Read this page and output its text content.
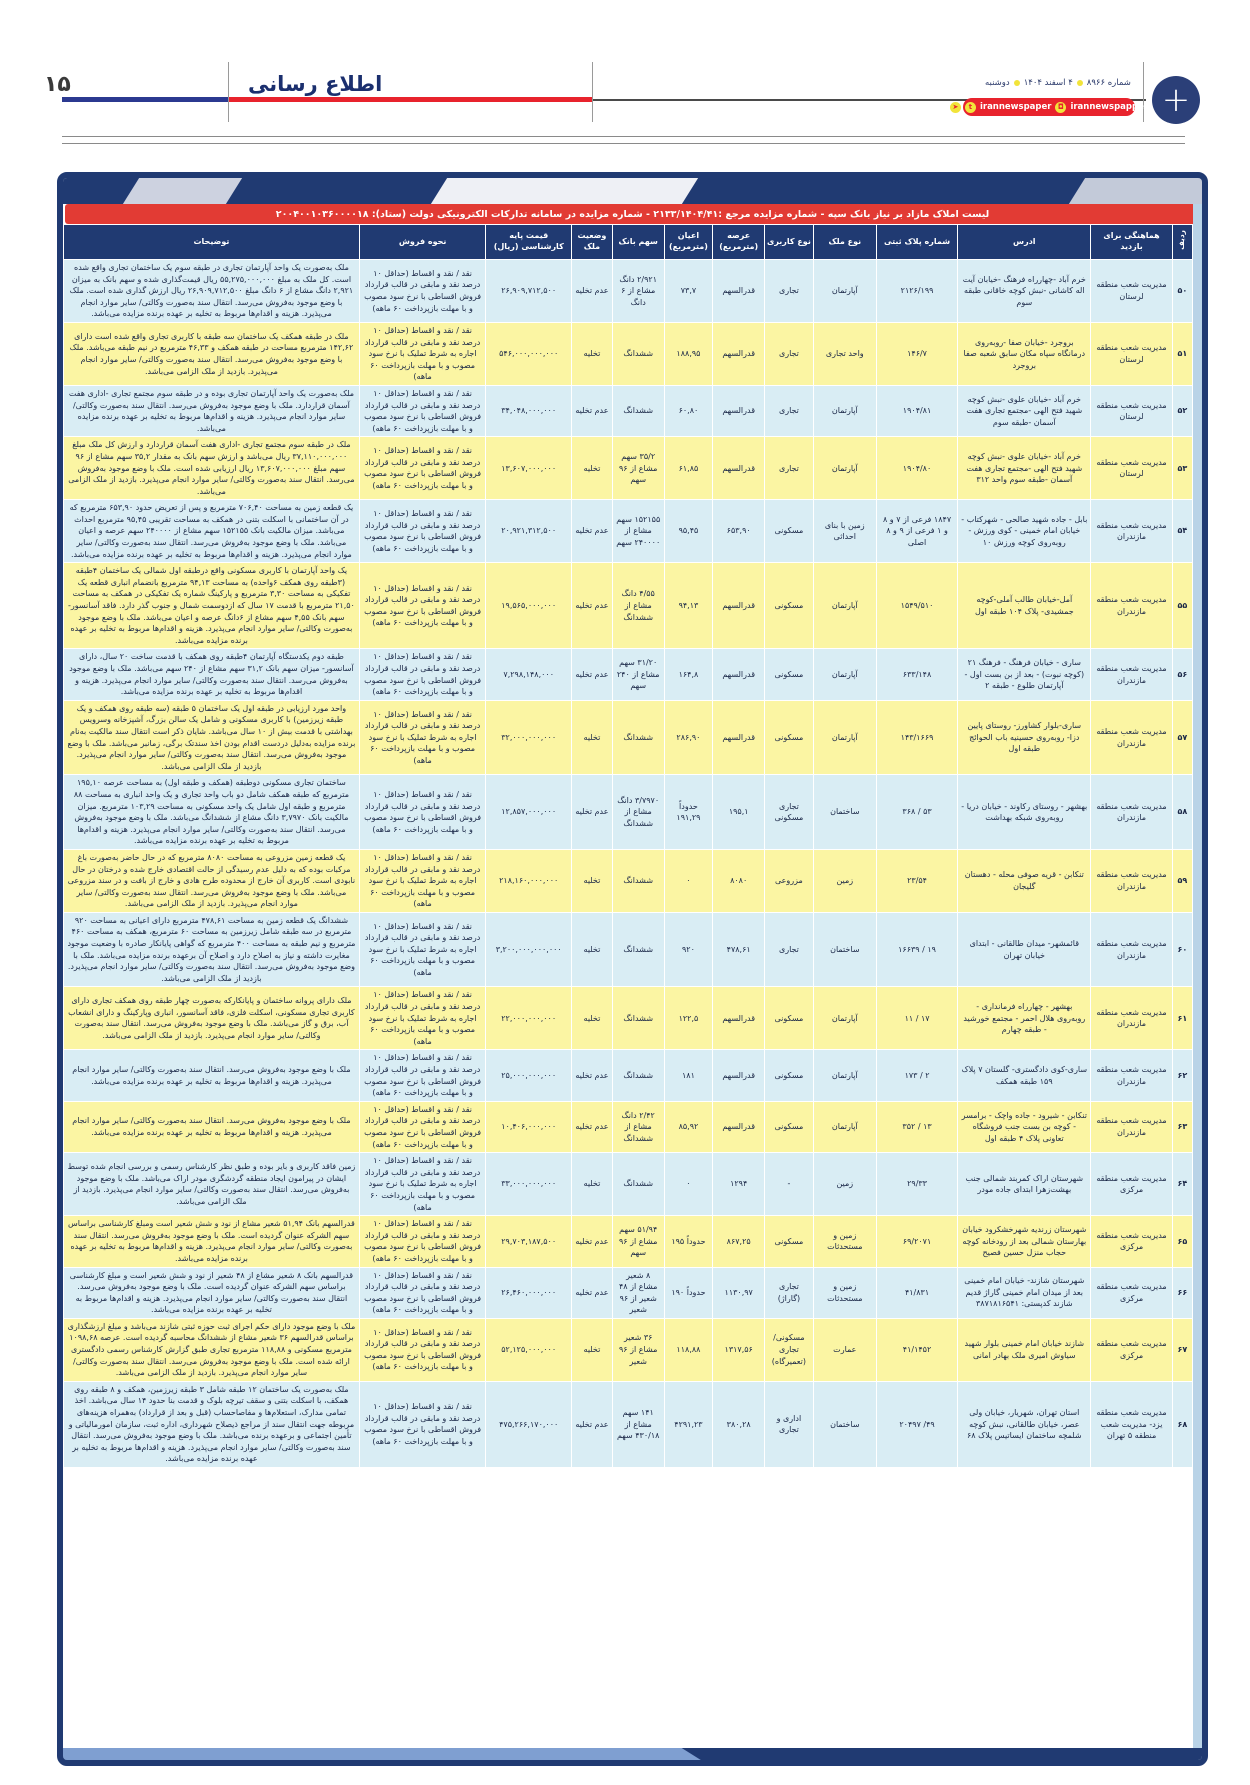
۱۵	اطلاع رسانی	دوشنبه ۴ اسفند ۱۴۰۴ شماره ۸۹۶۶
➤	t irannewspaper ◘ irannewspapper +
لیست املاک مازاد بر نیاز بانک سپه - شماره مزایده مرجع :۲۱۳۳/۱۴۰۴/۴۱ - شماره مزایده در سامانه تدارکات الکترونیکی دولت (ستاد): ۲۰۰۴۰۰۱۰۳۶۰۰۰۰۱۸
ردیف	هماهنگی برای بازدید	ادرس	شماره پلاک ثبتی	نوع ملک	نوع کاربری	عرصه (مترمربع)	اعیان (مترمربع)	سهم بانک	وضعیت ملک	قیمت پایه کارشناسی (ریال)	نحوه فروش	توضیحات
۵۰	مدیریت شعب منطقه لرستان	خرم آباد -چهارراه فرهنگ -خیابان آیت اله کاشانی -نبش کوچه خاقانی طبقه سوم	۲۱۲۶/۱۹۹	آپارتمان	تجاری	قدرالسهم	۷۳,۷	۲/۹۲۱ دانگ مشاع از ۶ دانگ	عدم تخلیه	۲۶,۹۰۹,۷۱۲,۵۰۰	نقد / نقد و اقساط (حداقل ۱۰ درصد نقد و مابقی در قالب قرارداد فروش اقساطی با نرخ سود مصوب و با مهلت بازپرداخت ۶۰ ماهه)	ملک به‌صورت یک واحد آپارتمان تجاری در طبقه سوم یک ساختمان تجاری واقع شده است. کل ملک به مبلغ ۵۵,۲۷۵,۰۰۰,۰۰۰ ریال قیمت‌گذاری شده و سهم بانک به میزان ۲,۹۲۱ دانگ مشاع از ۶ دانگ مبلغ ۲۶,۹۰۹,۷۱۲,۵۰۰ ریال ارزش گذاری شده است. ملک با وضع موجود به‌فروش می‌رسد. انتقال سند به‌صورت وکالتی/ سایر موارد انجام می‌پذیرد. هزینه و اقدام‌ها مربوط به تخلیه بر عهده برنده مزایده می‌باشد.
۵۱	مدیریت شعب منطقه لرستان	بروجرد -خیابان صفا -روبه‌روی درمانگاه سپاه مکان سابق شعبه صفا بروجرد	۱۴۶/۷	واحد تجاری	تجاری	قدرالسهم	۱۸۸,۹۵	ششدانگ	تخلیه	۵۴۶,۰۰۰,۰۰۰,۰۰۰	نقد / نقد و اقساط (حداقل ۱۰ درصد نقد و مابقی در قالب قرارداد اجاره به شرط تملیک با نرخ سود مصوب و با مهلت بازپرداخت ۶۰ ماهه)	ملک در طبقه همکف یک ساختمان سه طبقه با کاربری تجاری واقع شده است دارای ۱۴۲,۶۲ مترمربع مساحت در طبقه همکف و ۴۶,۳۳ مترمربع در نیم طبقه می‌باشد. ملک با وضع موجود به‌فروش می‌رسد. انتقال سند به‌صورت وکالتی/ سایر موارد انجام می‌پذیرد. بازدید از ملک الزامی می‌باشد.
۵۲	مدیریت شعب منطقه لرستان	خرم آباد -خیابان علوی -نبش کوچه شهید فتح الهی -مجتمع تجاری هفت آسمان -طبقه سوم	۱۹۰۴/۸۱	آپارتمان	تجاری	قدرالسهم	۶۰,۸۰	ششدانگ	عدم تخلیه	۳۴,۰۴۸,۰۰۰,۰۰۰	نقد / نقد و اقساط (حداقل ۱۰ درصد نقد و مابقی در قالب قرارداد فروش اقساطی با نرخ سود مصوب و با مهلت بازپرداخت ۶۰ ماهه)	ملک به‌صورت یک واحد آپارتمان تجاری بوده و در طبقه سوم مجتمع تجاری -اداری هفت آسمان قراردارد. ملک با وضع موجود به‌فروش می‌رسد. انتقال سند به‌صورت وکالتی/ سایر موارد انجام می‌پذیرد. هزینه و اقدام‌ها مربوط به تخلیه بر عهده برنده مزایده می‌باشد.
۵۳	مدیریت شعب منطقه لرستان	خرم آباد -خیابان علوی -نبش کوچه شهید فتح الهی -مجتمع تجاری هفت آسمان -طبقه سوم واحد ۳۱۲	۱۹۰۴/۸۰	آپارتمان	تجاری	قدرالسهم	۶۱,۸۵	۳۵/۲ سهم مشاع از ۹۶ سهم	تخلیه	۱۳,۶۰۷,۰۰۰,۰۰۰	نقد / نقد و اقساط (حداقل ۱۰ درصد نقد و مابقی در قالب قرارداد فروش اقساطی با نرخ سود مصوب و با مهلت بازپرداخت ۶۰ ماهه)	ملک در طبقه سوم مجتمع تجاری -اداری هفت آسمان قراردارد و ارزش کل ملک مبلغ ۳۷,۱۱۰,۰۰۰,۰۰۰ ریال می‌باشد و ارزش سهم بانک به مقدار ۳۵,۲ سهم مشاع از ۹۶ سهم مبلغ ۱۳,۶۰۷,۰۰۰,۰۰۰ ریال ارزیابی شده است. ملک با وضع موجود به‌فروش می‌رسد. انتقال سند به‌صورت وکالتی/ سایر موارد انجام می‌پذیرد. بازدید از ملک الزامی می‌باشد.
۵۴	مدیریت شعب منطقه مازندران	بابل - جاده شهید صالحی - شهرکتاب - خیابان امام خمینی - کوی ورزش - روبه‌روی کوچه ورزش ۱۰	۱۸۴۷ فرعی از ۷ و ۸ و ۱ فرعی از ۹ و ۸ اصلی	زمین با بنای احداثی	مسکونی	۶۵۳,۹۰	۹۵,۴۵	۱۵۲۱۵۵ سهم مشاع از ۲۴۰۰۰۰ سهم	عدم تخلیه	۲۰,۹۲۱,۳۱۲,۵۰۰	نقد / نقد و اقساط (حداقل ۱۰ درصد نقد و مابقی در قالب قرارداد فروش اقساطی با نرخ سود مصوب و با مهلت بازپرداخت ۶۰ ماهه)	یک قطعه زمین به مساحت ۷۰۶,۴۰ مترمربع و پس از تعریض حدود ۶۵۳,۹۰ مترمربع که در آن ساختمانی با اسکلت بتنی در همکف به مساحت تقریبی ۹۵,۴۵ مترمربع احداث می‌باشد. میزان مالکیت بانک ۱۵۲۱۵۵ سهم مشاع از ۲۴۰۰۰۰ سهم عرصه و اعیان می‌باشد. ملک با وضع موجود به‌فروش می‌رسد. انتقال سند به‌صورت وکالتی/ سایر موارد انجام می‌پذیرد. هزینه و اقدام‌ها مربوط به تخلیه بر عهده برنده مزایده می‌باشد.
۵۵	مدیریت شعب منطقه مازندران	آمل-خیابان طالب آملی-کوچه جمشیدی- پلاک ۱۰۴ طبقه اول	۱۵۴۹/۵۱۰	آپارتمان	مسکونی	قدرالسهم	۹۴,۱۳	۴/۵۵ دانگ مشاع از ششدانگ	عدم تخلیه	۱۹,۵۶۵,۰۰۰,۰۰۰	نقد / نقد و اقساط (حداقل ۱۰ درصد نقد و مابقی در قالب قرارداد فروش اقساطی با نرخ سود مصوب و با مهلت بازپرداخت ۶۰ ماهه)	یک واحد آپارتمان با کاربری مسکونی واقع درطبقه اول شمالی یک ساختمان ۴طبقه (۳طبقه روی همکف ۶واحده) به مساحت ۹۴,۱۳ مترمربع بانضمام انباری قطعه یک تفکیکی به مساحت ۳,۳۰ مترمربع و پارکینگ شماره یک تفکیکی در همکف به مساحت ۲۱,۵۰ مترمربع با قدمت ۱۷ سال که ازدوسمت شمال و جنوب گذر دارد. فاقد آسانسور-سهم بانک ۴,۵۵ سهم مشاع از ۶دانگ عرصه و اعیان می‌باشد. ملک با وضع موجود به‌صورت وکالتی/ سایر موارد انجام می‌پذیرد. هزینه و اقدام‌ها مربوط به تخلیه بر عهده برنده مزایده می‌باشد.
۵۶	مدیریت شعب منطقه مازندران	ساری - خیابان فرهنگ - فرهنگ ۲۱ (کوچه نبوت) - بعد از بن بست اول - آپارتمان طلوع - طبقه ۲	۶۳۳/۱۴۸	آپارتمان	مسکونی	قدرالسهم	۱۶۴,۸	۳۱/۲۰ سهم مشاع از ۲۴۰ سهم	عدم تخلیه	۷,۲۹۸,۱۴۸,۰۰۰	نقد / نقد و اقساط (حداقل ۱۰ درصد نقد و مابقی در قالب قرارداد فروش اقساطی با نرخ سود مصوب و با مهلت بازپرداخت ۶۰ ماهه)	طبقه دوم یکدستگاه آپارتمان ۴طبقه روی همکف با قدمت ساخت ۲۰ سال، دارای آسانسور- میزان سهم بانک ۳۱,۲ سهم مشاع از ۲۴۰ سهم می‌باشد. ملک با وضع موجود به‌فروش می‌رسد. انتقال سند به‌صورت وکالتی/ سایر موارد انجام می‌پذیرد. هزینه و اقدام‌ها مربوط به تخلیه بر عهده برنده مزایده می‌باشد.
۵۷	مدیریت شعب منطقه مازندران	ساری-بلوار کشاورز- روستای پایین دزا- روبه‌روی حسینیه باب الحوائج طبقه اول	۱۴۳/۱۶۶۹	آپارتمان	مسکونی	قدرالسهم	۲۸۶,۹۰	ششدانگ	تخلیه	۳۲,۰۰۰,۰۰۰,۰۰۰	نقد / نقد و اقساط (حداقل ۱۰ درصد نقد و مابقی در قالب قرارداد اجاره به شرط تملیک با نرخ سود مصوب و با مهلت بازپرداخت ۶۰ ماهه)	واحد مورد ارزیابی در طبقه اول یک ساختمان ۵ طبقه (سه طبقه روی همکف و یک طبقه زیرزمین) با کاربری مسکونی و شامل یک سالن بزرگ، آشپزخانه وسرویس بهداشتی با قدمت بیش از ۱۰ سال می‌باشد. شایان ذکر است انتقال سند مالکیت به‌نام برنده مزایده به‌دلیل دردست اقدام بودن اخذ سندتک برگی، زمانبر می‌باشد. ملک با وضع موجود به‌فروش می‌رسد. انتقال سند به‌صورت وکالتی/ سایر موارد انجام می‌پذیرد. بازدید از ملک الزامی می‌باشد.
۵۸	مدیریت شعب منطقه مازندران	بهشهر - روستای رکاوند - خیابان دریا - روبه‌روی شبکه بهداشت	۵۳ / ۳۶۸	ساختمان	تجاری مسکونی	۱۹۵,۱	حدوداً ۱۹۱,۲۹	۳/۷۹۷۰ دانگ مشاع از ششدانگ	عدم تخلیه	۱۲,۸۵۷,۰۰۰,۰۰۰	نقد / نقد و اقساط (حداقل ۱۰ درصد نقد و مابقی در قالب قرارداد فروش اقساطی با نرخ سود مصوب و با مهلت بازپرداخت ۶۰ ماهه)	ساختمان تجاری مسکونی دوطبقه (همکف و طبقه اول) به مساحت عرصه ۱۹۵,۱۰ مترمربع که طبقه همکف شامل دو باب واحد تجاری و یک واحد انباری به مساحت ۸۸ مترمربع و طبقه اول شامل یک واحد مسکونی به مساحت ۱۰۳,۲۹ مترمربع. میزان مالکیت بانک ۳,۷۹۷۰ دانگ مشاع از ششدانگ می‌باشد. ملک با وضع موجود به‌فروش می‌رسد. انتقال سند به‌صورت وکالتی/ سایر موارد انجام می‌پذیرد. هزینه و اقدام‌ها مربوط به تخلیه بر عهده برنده مزایده می‌باشد.
۵۹	مدیریت شعب منطقه مازندران	تنکابن - قریه صوفی محله - دهستان گلیجان	۲۳/۵۴	زمین	مزروعی	۸۰۸۰	۰	ششدانگ	تخلیه	۲۱۸,۱۶۰,۰۰۰,۰۰۰	نقد / نقد و اقساط (حداقل ۱۰ درصد نقد و مابقی در قالب قرارداد اجاره به شرط تملیک با نرخ سود مصوب و با مهلت بازپرداخت ۶۰ ماهه)	یک قطعه زمین مزروعی به مساحت ۸۰۸۰ مترمربع که در حال حاضر به‌صورت باغ مرکبات بوده که به دلیل عدم رسیدگی از حالت اقتصادی خارج شده و درختان در حال نابودی است. کاربری آن خارج از محدوده طرح هادی و خارج از بافت و در سند مزروعی می‌باشد. ملک با وضع موجود به‌فروش می‌رسد. انتقال سند به‌صورت وکالتی/ سایر موارد انجام می‌پذیرد. بازدید از ملک الزامی می‌باشد.
۶۰	مدیریت شعب منطقه مازندران	قائمشهر- میدان طالقانی - ابتدای خیابان تهران	۱۹ / ۱۶۶۳۹	ساختمان	تجاری	۴۷۸,۶۱	۹۲۰	ششدانگ	تخلیه	۳,۲۰۰,۰۰۰,۰۰۰,۰۰۰	نقد / نقد و اقساط (حداقل ۱۰ درصد نقد و مابقی در قالب قرارداد اجاره به شرط تملیک با نرخ سود مصوب و با مهلت بازپرداخت ۶۰ ماهه)	ششدانگ یک قطعه زمین به مساحت ۴۷۸,۶۱ مترمربع دارای اعیانی به مساحت ۹۲۰ مترمربع در سه طبقه شامل زیرزمین به مساحت ۶۰ مترمربع، همکف به مساحت ۴۶۰ مترمربع و نیم طبقه به مساحت ۴۰۰ مترمربع که گواهی پایانکار صادره با وضعیت موجود مغایرت داشته و نیاز به اصلاح دارد و اصلاح آن برعهده برنده مزایده می‌باشد. ملک با وضع موجود به‌فروش می‌رسد. انتقال سند به‌صورت وکالتی/ سایر موارد انجام می‌پذیرد. بازدید از ملک الزامی می‌باشد.
۶۱	مدیریت شعب منطقه مازندران	بهشهر - چهارراه فرمانداری - روبه‌روی هلال احمر - مجتمع خورشید - طبقه چهارم	۱۷ / ۱۱	آپارتمان	مسکونی	قدرالسهم	۱۲۲,۵	ششدانگ	تخلیه	۲۲,۰۰۰,۰۰۰,۰۰۰	نقد / نقد و اقساط (حداقل ۱۰ درصد نقد و مابقی در قالب قرارداد اجاره به شرط تملیک با نرخ سود مصوب و با مهلت بازپرداخت ۶۰ ماهه)	ملک دارای پروانه ساختمان و پایانکارکه به‌صورت چهار طبقه روی همکف تجاری دارای کاربری تجاری مسکونی، اسکلت فلزی، فاقد آسانسور، انباری وپارکینگ و دارای انشعاب آب، برق و گاز می‌باشد. ملک با وضع موجود به‌فروش می‌رسد. انتقال سند به‌صورت وکالتی/ سایر موارد انجام می‌پذیرد. بازدید از ملک الزامی می‌باشد.
۶۲	مدیریت شعب منطقه مازندران	ساری-کوی دادگستری- گلستان ۷ پلاک ۱۵۹ طبقه همکف	۲ / ۱۷۳	آپارتمان	مسکونی	قدرالسهم	۱۸۱	ششدانگ	عدم تخلیه	۲۵,۰۰۰,۰۰۰,۰۰۰	نقد / نقد و اقساط (حداقل ۱۰ درصد نقد و مابقی در قالب قرارداد فروش اقساطی با نرخ سود مصوب و با مهلت بازپرداخت ۶۰ ماهه)	ملک با وضع موجود به‌فروش می‌رسد. انتقال سند به‌صورت وکالتی/ سایر موارد انجام می‌پذیرد. هزینه و اقدام‌ها مربوط به تخلیه بر عهده برنده مزایده می‌باشد.
۶۳	مدیریت شعب منطقه مازندران	تنکابن - شیرود - جاده واچک - برامسر - کوچه بن بست جنب فروشگاه تعاونی پلاک ۴ طبقه اول	۱۳ / ۳۵۲	آپارتمان	مسکونی	قدرالسهم	۸۵,۹۲	۲/۴۲ دانگ مشاع از ششدانگ	عدم تخلیه	۱۰,۴۰۶,۰۰۰,۰۰۰	نقد / نقد و اقساط (حداقل ۱۰ درصد نقد و مابقی در قالب قرارداد فروش اقساطی با نرخ سود مصوب و با مهلت بازپرداخت ۶۰ ماهه)	ملک با وضع موجود به‌فروش می‌رسد. انتقال سند به‌صورت وکالتی/ سایر موارد انجام می‌پذیرد. هزینه و اقدام‌ها مربوط به تخلیه بر عهده برنده مزایده می‌باشد.
۶۴	مدیریت شعب منطقه مرکزی	شهرستان اراک کمربند شمالی جنب بهشت‌زهرا ابتدای جاده مودر	۲۹/۳۳	زمین	-	۱۲۹۴	۰	ششدانگ	تخلیه	۳۳,۰۰۰,۰۰۰,۰۰۰	نقد / نقد و اقساط (حداقل ۱۰ درصد نقد و مابقی در قالب قرارداد اجاره به شرط تملیک با نرخ سود مصوب و با مهلت بازپرداخت ۶۰ ماهه)	زمین فاقد کاربری و بایر بوده و طبق نظر کارشناس رسمی و بررسی انجام شده توسط ایشان در پیرامون ایجاد منطقه گردشگری مودر اراک می‌باشد. ملک با وضع موجود به‌فروش می‌رسد. انتقال سند به‌صورت وکالتی/ سایر موارد انجام می‌پذیرد. بازدید از ملک الزامی می‌باشد.
۶۵	مدیریت شعب منطقه مرکزی	شهرستان زرندیه شهرخشکرود خیابان بهارستان شمالی بعد از رودخانه کوچه حجاب منزل حسین فصیح	۶۹/۲۰۷۱	زمین و مستحدثات	مسکونی	۸۶۷,۲۵	حدوداً ۱۹۵	۵۱/۹۴ سهم مشاع از ۹۶ سهم	عدم تخلیه	۲۹,۷۰۳,۱۸۷,۵۰۰	نقد / نقد و اقساط (حداقل ۱۰ درصد نقد و مابقی در قالب قرارداد فروش اقساطی با نرخ سود مصوب و با مهلت بازپرداخت ۶۰ ماهه)	قدرالسهم بانک ۵۱,۹۴ شعیر مشاع از نود و شش شعیر است ومبلغ کارشناسی براساس سهم الشرکه عنوان گردیده است. ملک با وضع موجود به‌فروش می‌رسد. انتقال سند به‌صورت وکالتی/ سایر موارد انجام می‌پذیرد. هزینه و اقدام‌ها مربوط به تخلیه بر عهده برنده مزایده می‌باشد.
۶۶	مدیریت شعب منطقه مرکزی	شهرستان شازند- خیابان امام خمینی بعد از میدان امام خمینی گاراژ قدیم شازند کدپستی: ۳۸۷۱۸۱۶۵۴۱	۴۱/۸۳۱	زمین و مستحدثات	تجاری (گاراژ)	۱۱۳۰,۹۷	حدوداً ۱۹۰	۸ شعیر مشاع از ۴۸ شعیر از ۹۶ شعیر	عدم تخلیه	۲۶,۴۶۰,۰۰۰,۰۰۰	نقد / نقد و اقساط (حداقل ۱۰ درصد نقد و مابقی در قالب قرارداد فروش اقساطی با نرخ سود مصوب و با مهلت بازپرداخت ۶۰ ماهه)	قدرالسهم بانک ۸ شعیر مشاع از ۴۸ شعیر از نود و شش شعیر است و مبلغ کارشناسی براساس سهم الشرکه عنوان گردیده است. ملک با وضع موجود به‌فروش می‌رسد. انتقال سند به‌صورت وکالتی/ سایر موارد انجام می‌پذیرد. هزینه و اقدام‌ها مربوط به تخلیه بر عهده برنده مزایده می‌باشد.
۶۷	مدیریت شعب منطقه مرکزی	شازند خیابان امام خمینی بلوار شهید سیاوش امیری ملک بهادر امانی	۴۱/۱۴۵۲	عمارت	مسکونی/ تجاری (تعمیرگاه)	۱۳۱۷,۵۶	۱۱۸,۸۸	۳۶ شعیر مشاع از ۹۶ شعیر	تخلیه	۵۲,۱۲۵,۰۰۰,۰۰۰	نقد / نقد و اقساط (حداقل ۱۰ درصد نقد و مابقی در قالب قرارداد فروش اقساطی با نرخ سود مصوب و با مهلت بازپرداخت ۶۰ ماهه)	ملک با وضع موجود دارای حکم اجرای ثبت حوزه ثبتی شازند می‌باشد و مبلغ ارزشگذاری براساس قدرالسهم ۳۶ شعیر مشاع از ششدانگ محاسبه گردیده است. عرصه ۱۰۹۸,۶۸ مترمربع مسکونی و ۱۱۸,۸۸ مترمربع تجاری طبق گزارش کارشناس رسمی دادگستری ارائه شده است. ملک با وضع موجود به‌فروش می‌رسد. انتقال سند به‌صورت وکالتی/ سایر موارد انجام می‌پذیرد. بازدید از ملک الزامی می‌باشد.
۶۸	مدیریت شعب منطقه یزد- مدیریت شعب منطقه ۵ تهران	استان تهران، شهریار، خیابان ولی عصر، خیابان طالقانی، نبش کوچه شلمچه ساختمان ایساتیس پلاک ۶۸	۴۹/ ۲۰۴۹۷	ساختمان	اداری و تجاری	۳۸۰,۲۸	۴۲۹۱,۲۳	۱۴۱ سهم مشاع از ۴۳۰/۱۸ سهم	عدم تخلیه	۴۷۵,۲۶۶,۱۷۰,۰۰۰	نقد / نقد و اقساط (حداقل ۱۰ درصد نقد و مابقی در قالب قرارداد فروش اقساطی با نرخ سود مصوب و با مهلت بازپرداخت ۶۰ ماهه)	ملک به‌صورت یک ساختمان ۱۲ طبقه شامل ۳ طبقه زیرزمین، همکف و ۸ طبقه روی همکف، با اسکلت بتنی و سقف تیرچه بلوک و قدمت بنا حدود ۱۴ سال می‌باشد. اخذ تمامی مدارک، استعلام‌ها و مفاصاحساب (قبل و بعد از قرارداد) به‌همراه هزینه‌های مربوطه جهت انتقال سند از مراجع ذیصلاح شهرداری، اداره ثبت، سازمان امورمالیاتی و تأمین اجتماعی و برعهده برنده می‌باشد. ملک با وضع موجود به‌فروش می‌رسد. انتقال سند به‌صورت وکالتی/ سایر موارد انجام می‌پذیرد. هزینه و اقدام‌ها مربوط به تخلیه بر عهده برنده مزایده می‌باشد.
